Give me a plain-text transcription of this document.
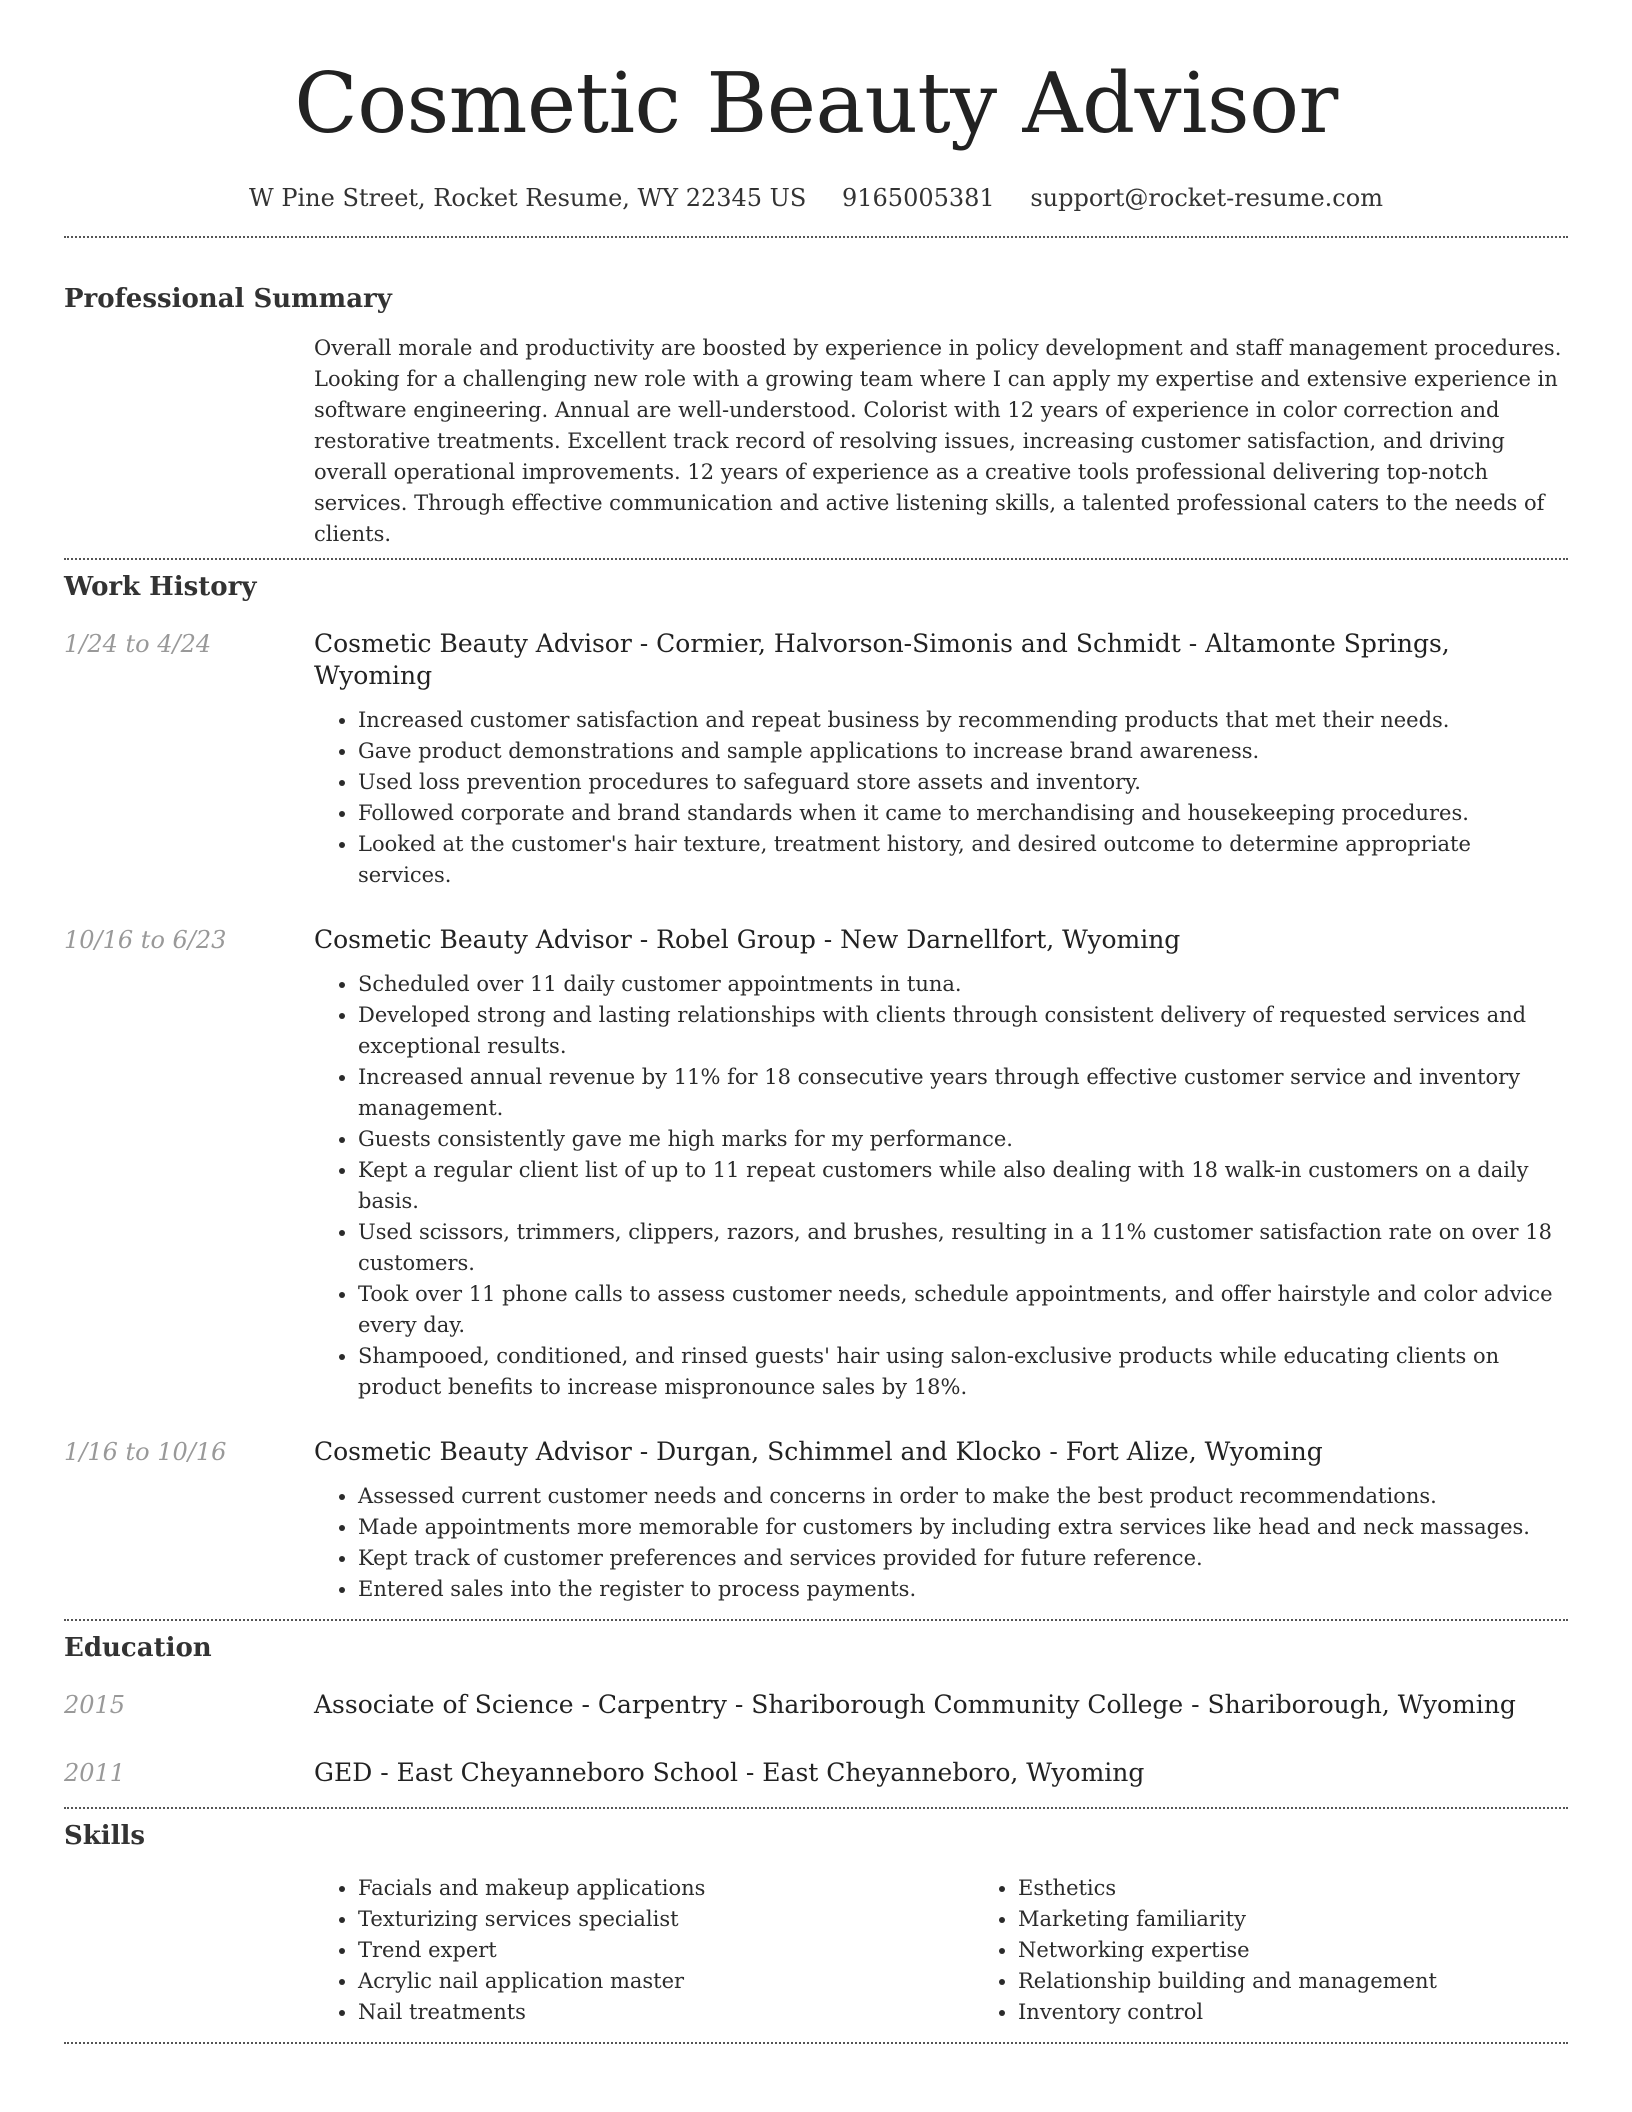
Cosmetic Beauty Advisor
W Pine Street, Rocket Resume, WY 22345 US 9165005381 support@rocket-resume.com
Professional Summary

Overall morale and productivity are boosted by experience in policy development and staff management procedures. Looking for a challenging new role with a growing team where I can apply my expertise and extensive experience in software engineering. Annual are well-understood. Colorist with 12 years of experience in color correction and restorative treatments. Excellent track record of resolving issues, increasing customer satisfaction, and driving overall operational improvements. 12 years of experience as a creative tools professional delivering top-notch services. Through effective communication and active listening skills, a talented professional caters to the needs of clients.

Work History
1/24 to 4/24	Cosmetic Beauty Advisor - Cormier, Halvorson-Simonis and Schmidt - Altamonte Springs, Wyoming
• Increased customer satisfaction and repeat business by recommending products that met their needs.
• Gave product demonstrations and sample applications to increase brand awareness.
• Used loss prevention procedures to safeguard store assets and inventory.
• Followed corporate and brand standards when it came to merchandising and housekeeping procedures.
• Looked at the customer's hair texture, treatment history, and desired outcome to determine appropriate services.
10/16 to 6/23	Cosmetic Beauty Advisor - Robel Group - New Darnellfort, Wyoming
• Scheduled over 11 daily customer appointments in tuna.
• Developed strong and lasting relationships with clients through consistent delivery of requested services and exceptional results.
• Increased annual revenue by 11% for 18 consecutive years through effective customer service and inventory management.
• Guests consistently gave me high marks for my performance.
• Kept a regular client list of up to 11 repeat customers while also dealing with 18 walk-in customers on a daily basis.
• Used scissors, trimmers, clippers, razors, and brushes, resulting in a 11% customer satisfaction rate on over 18 customers.
• Took over 11 phone calls to assess customer needs, schedule appointments, and offer hairstyle and color advice every day.
• Shampooed, conditioned, and rinsed guests' hair using salon-exclusive products while educating clients on product benefits to increase mispronounce sales by 18%.
1/16 to 10/16	Cosmetic Beauty Advisor - Durgan, Schimmel and Klocko - Fort Alize, Wyoming
• Assessed current customer needs and concerns in order to make the best product recommendations.
• Made appointments more memorable for customers by including extra services like head and neck massages.
• Kept track of customer preferences and services provided for future reference.
• Entered sales into the register to process payments.
Education
2015	Associate of Science - Carpentry - Shariborough Community College - Shariborough, Wyoming
2011	GED - East Cheyanneboro School - East Cheyanneboro, Wyoming
Skills
• Facials and makeup applications
• Texturizing services specialist
• Trend expert
• Acrylic nail application master
• Nail treatments
• Esthetics
• Marketing familiarity
• Networking expertise
• Relationship building and management
• Inventory control
